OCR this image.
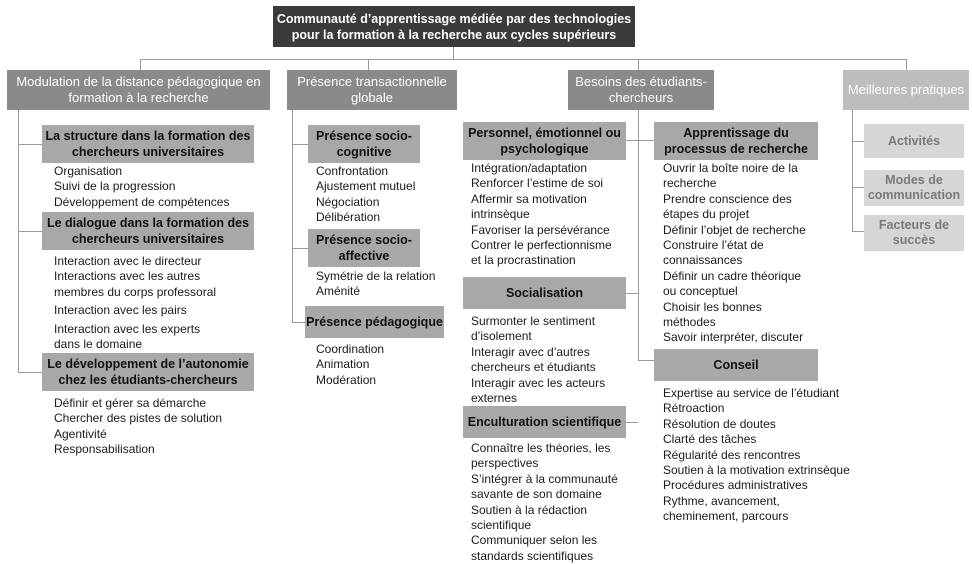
Communauté d’apprentissage médiée par des technologies
pour la formation à la recherche aux cycles supérieurs
Modulation de la distance pédagogique en
formation à la recherche
Présence transactionnelle
globale
Besoins des étudiants-
chercheurs
Meilleures pratiques
La structure dans la formation des
chercheurs universitaires
Organisation
Suivi de la progression
Développement de compétences
Le dialogue dans la formation des
chercheurs universitaires
Interaction avec le directeur
Interactions avec les autres
membres du corps professoral
Interaction avec les pairs
Interaction avec les experts
dans le domaine
Le développement de l’autonomie
chez les étudiants-chercheurs
Définir et gérer sa démarche
Chercher des pistes de solution
Agentivité
Responsabilisation
Présence socio-
cognitive
Confrontation
Ajustement mutuel
Négociation
Délibération
Présence socio-
affective
Symétrie de la relation
Aménité
Présence pédagogique
Coordination
Animation
Modération
Personnel, émotionnel ou
psychologique
Intégration/adaptation
Renforcer l’estime de soi
Affermir sa motivation
intrinsèque
Favoriser la persévérance
Contrer le perfectionnisme
et la procrastination
Socialisation
Surmonter le sentiment
d’isolement
Interagir avec d’autres
chercheurs et étudiants
Interagir avec les acteurs
externes
Enculturation scientifique
Connaître les théories, les
perspectives
S’intégrer à la communauté
savante de son domaine
Soutien à la rédaction
scientifique
Communiquer selon les
standards scientifiques
Apprentissage du
processus de recherche
Ouvrir la boîte noire de la
recherche
Prendre conscience des
étapes du projet
Définir l’objet de recherche
Construire l’état de
connaissances
Définir un cadre théorique
ou conceptuel
Choisir les bonnes
méthodes
Savoir interpréter, discuter
Conseil
Expertise au service de l’étudiant
Rétroaction
Résolution de doutes
Clarté des tâches
Régularité des rencontres
Soutien à la motivation extrinsèque
Procédures administratives
Rythme, avancement,
cheminement, parcours
Activités
Modes de
communication
Facteurs de
succès
